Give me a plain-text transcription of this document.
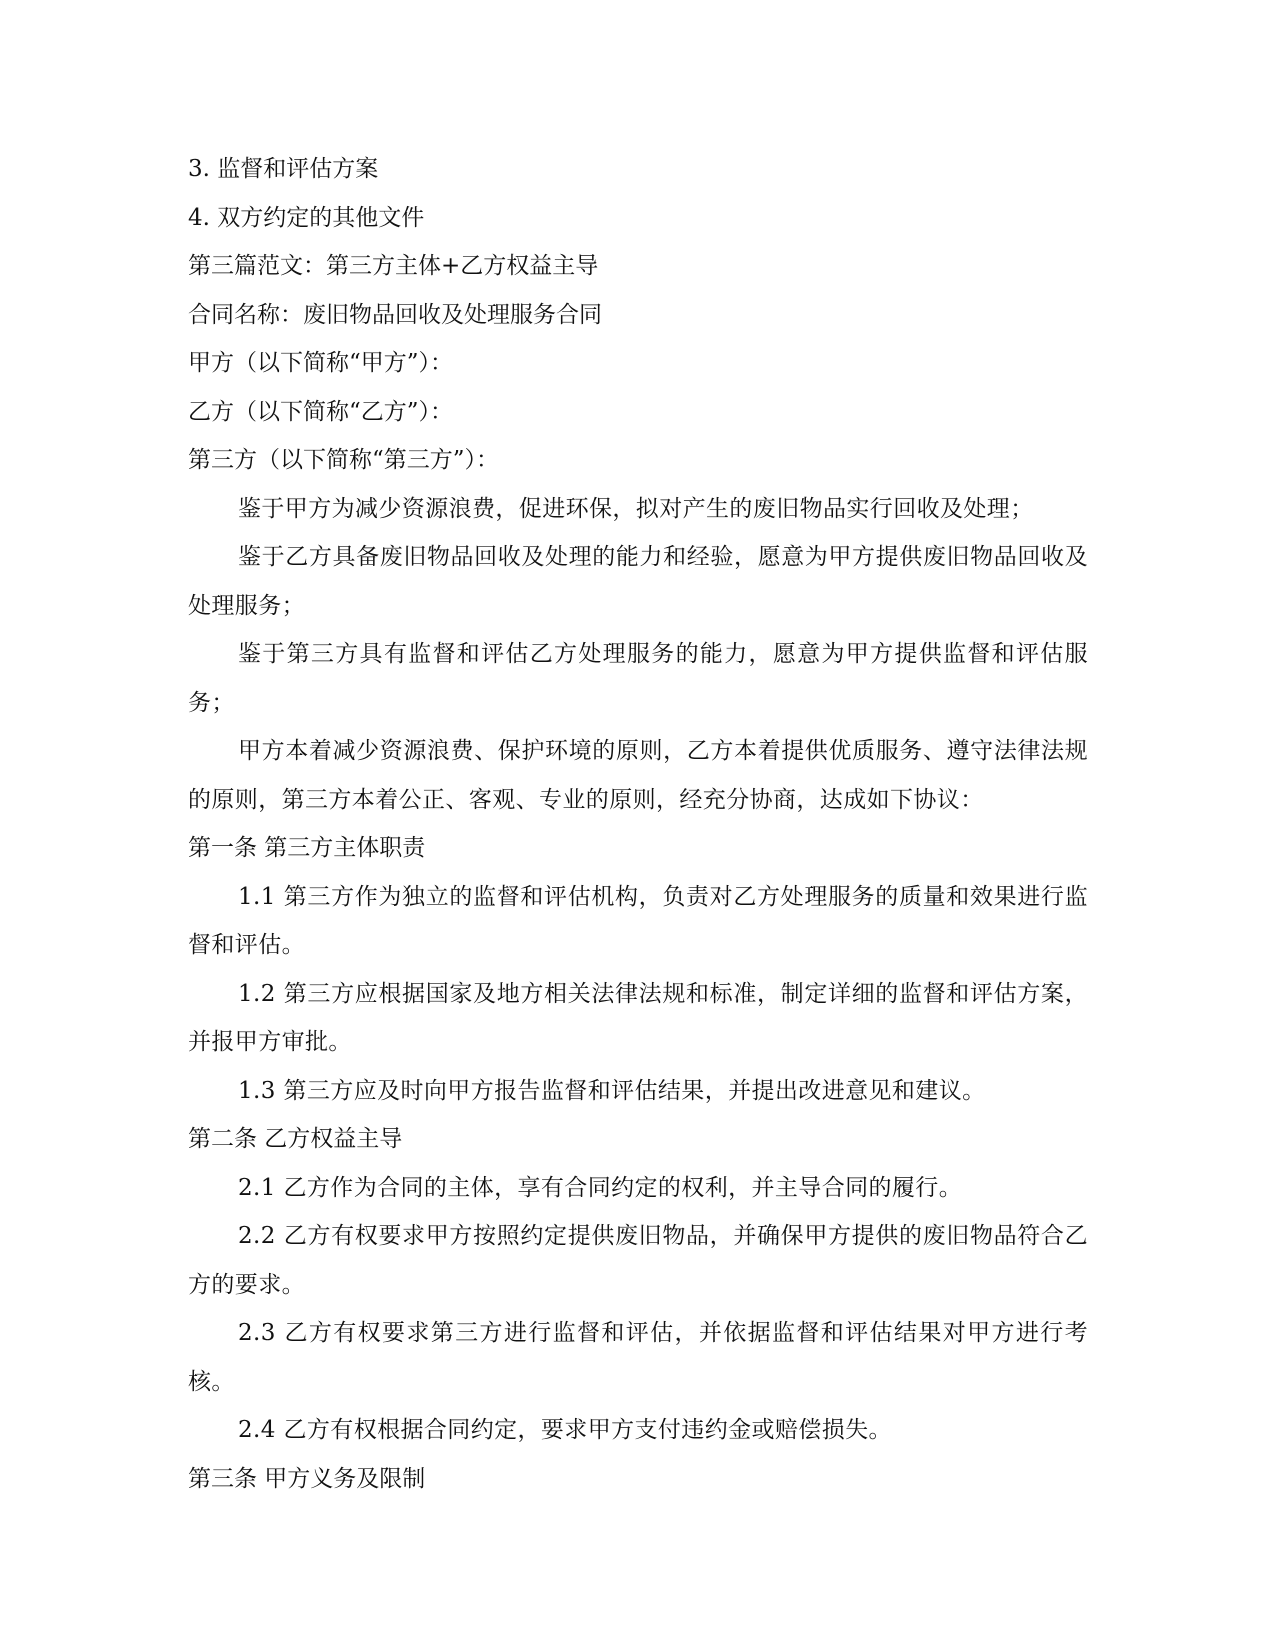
3. 监督和评估方案

4. 双方约定的其他文件

第三篇范文：第三方主体+乙方权益主导

合同名称：废旧物品回收及处理服务合同

甲方（以下简称“甲方”）：

乙方（以下简称“乙方”）：

第三方（以下简称“第三方”）：

鉴于甲方为减少资源浪费，促进环保，拟对产生的废旧物品实行回收及处理；

鉴于乙方具备废旧物品回收及处理的能力和经验，愿意为甲方提供废旧物品回收及处理服务；

鉴于第三方具有监督和评估乙方处理服务的能力，愿意为甲方提供监督和评估服务；

甲方本着减少资源浪费、保护环境的原则，乙方本着提供优质服务、遵守法律法规的原则，第三方本着公正、客观、专业的原则，经充分协商，达成如下协议：

第一条 第三方主体职责

1.1 第三方作为独立的监督和评估机构，负责对乙方处理服务的质量和效果进行监督和评估。

1.2 第三方应根据国家及地方相关法律法规和标准，制定详细的监督和评估方案，并报甲方审批。

1.3 第三方应及时向甲方报告监督和评估结果，并提出改进意见和建议。

第二条 乙方权益主导

2.1 乙方作为合同的主体，享有合同约定的权利，并主导合同的履行。

2.2 乙方有权要求甲方按照约定提供废旧物品，并确保甲方提供的废旧物品符合乙方的要求。

2.3 乙方有权要求第三方进行监督和评估，并依据监督和评估结果对甲方进行考核。

2.4 乙方有权根据合同约定，要求甲方支付违约金或赔偿损失。

第三条 甲方义务及限制
